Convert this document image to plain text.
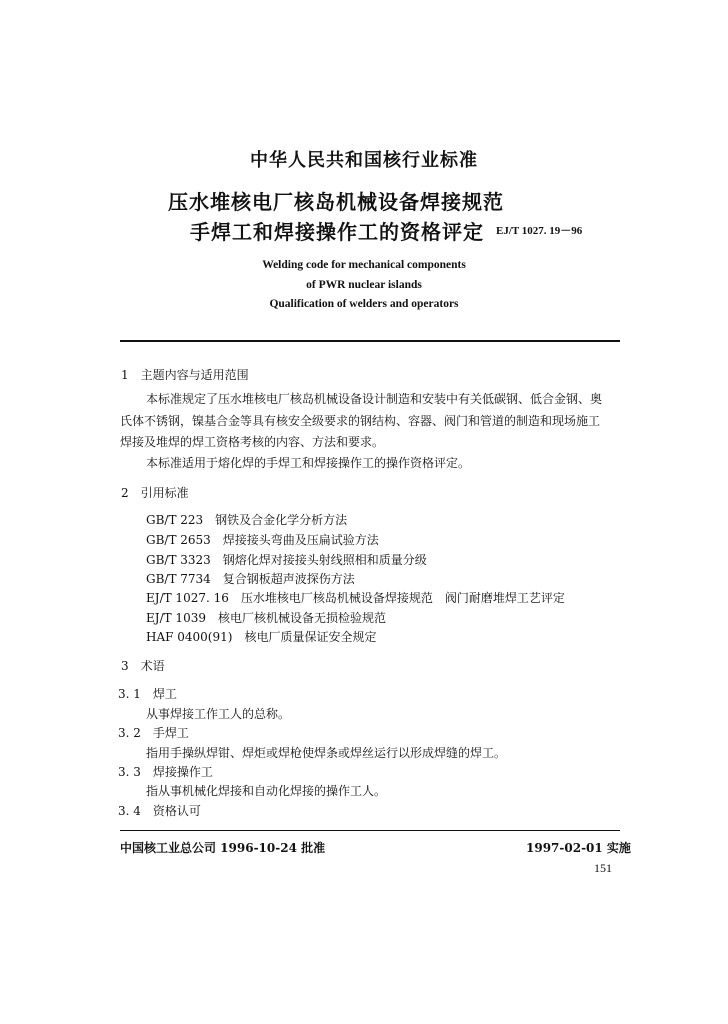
中华人民共和国核行业标准
压水堆核电厂核岛机械设备焊接规范
手焊工和焊接操作工的资格评定 EJ/T 1027. 19－96
Welding code for mechanical components
of PWR nuclear islands
Qualification of welders and operators
1　主题内容与适用范围
本标准规定了压水堆核电厂核岛机械设备设计制造和安装中有关低碳钢、低合金钢、奥
氏体不锈钢，镍基合金等具有核安全级要求的钢结构、容器、阀门和管道的制造和现场施工
焊接及堆焊的焊工资格考核的内容、方法和要求。
本标准适用于熔化焊的手焊工和焊接操作工的操作资格评定。
2　引用标准
GB/T 223　钢铁及合金化学分析方法
GB/T 2653　焊接接头弯曲及压扁试验方法
GB/T 3323　钢熔化焊对接接头射线照相和质量分级
GB/T 7734　复合钢板超声波探伤方法
EJ/T 1027. 16　压水堆核电厂核岛机械设备焊接规范　阀门耐磨堆焊工艺评定
EJ/T 1039　核电厂核机械设备无损检验规范
HAF 0400(91)　核电厂质量保证安全规定
3　术语
3. 1　焊工
从事焊接工作工人的总称。
3. 2　手焊工
指用手操纵焊钳、焊炬或焊枪使焊条或焊丝运行以形成焊缝的焊工。
3. 3　焊接操作工
指从事机械化焊接和自动化焊接的操作工人。
3. 4　资格认可
中国核工业总公司 1996-10-24 批准	1997-02-01 实施
151
